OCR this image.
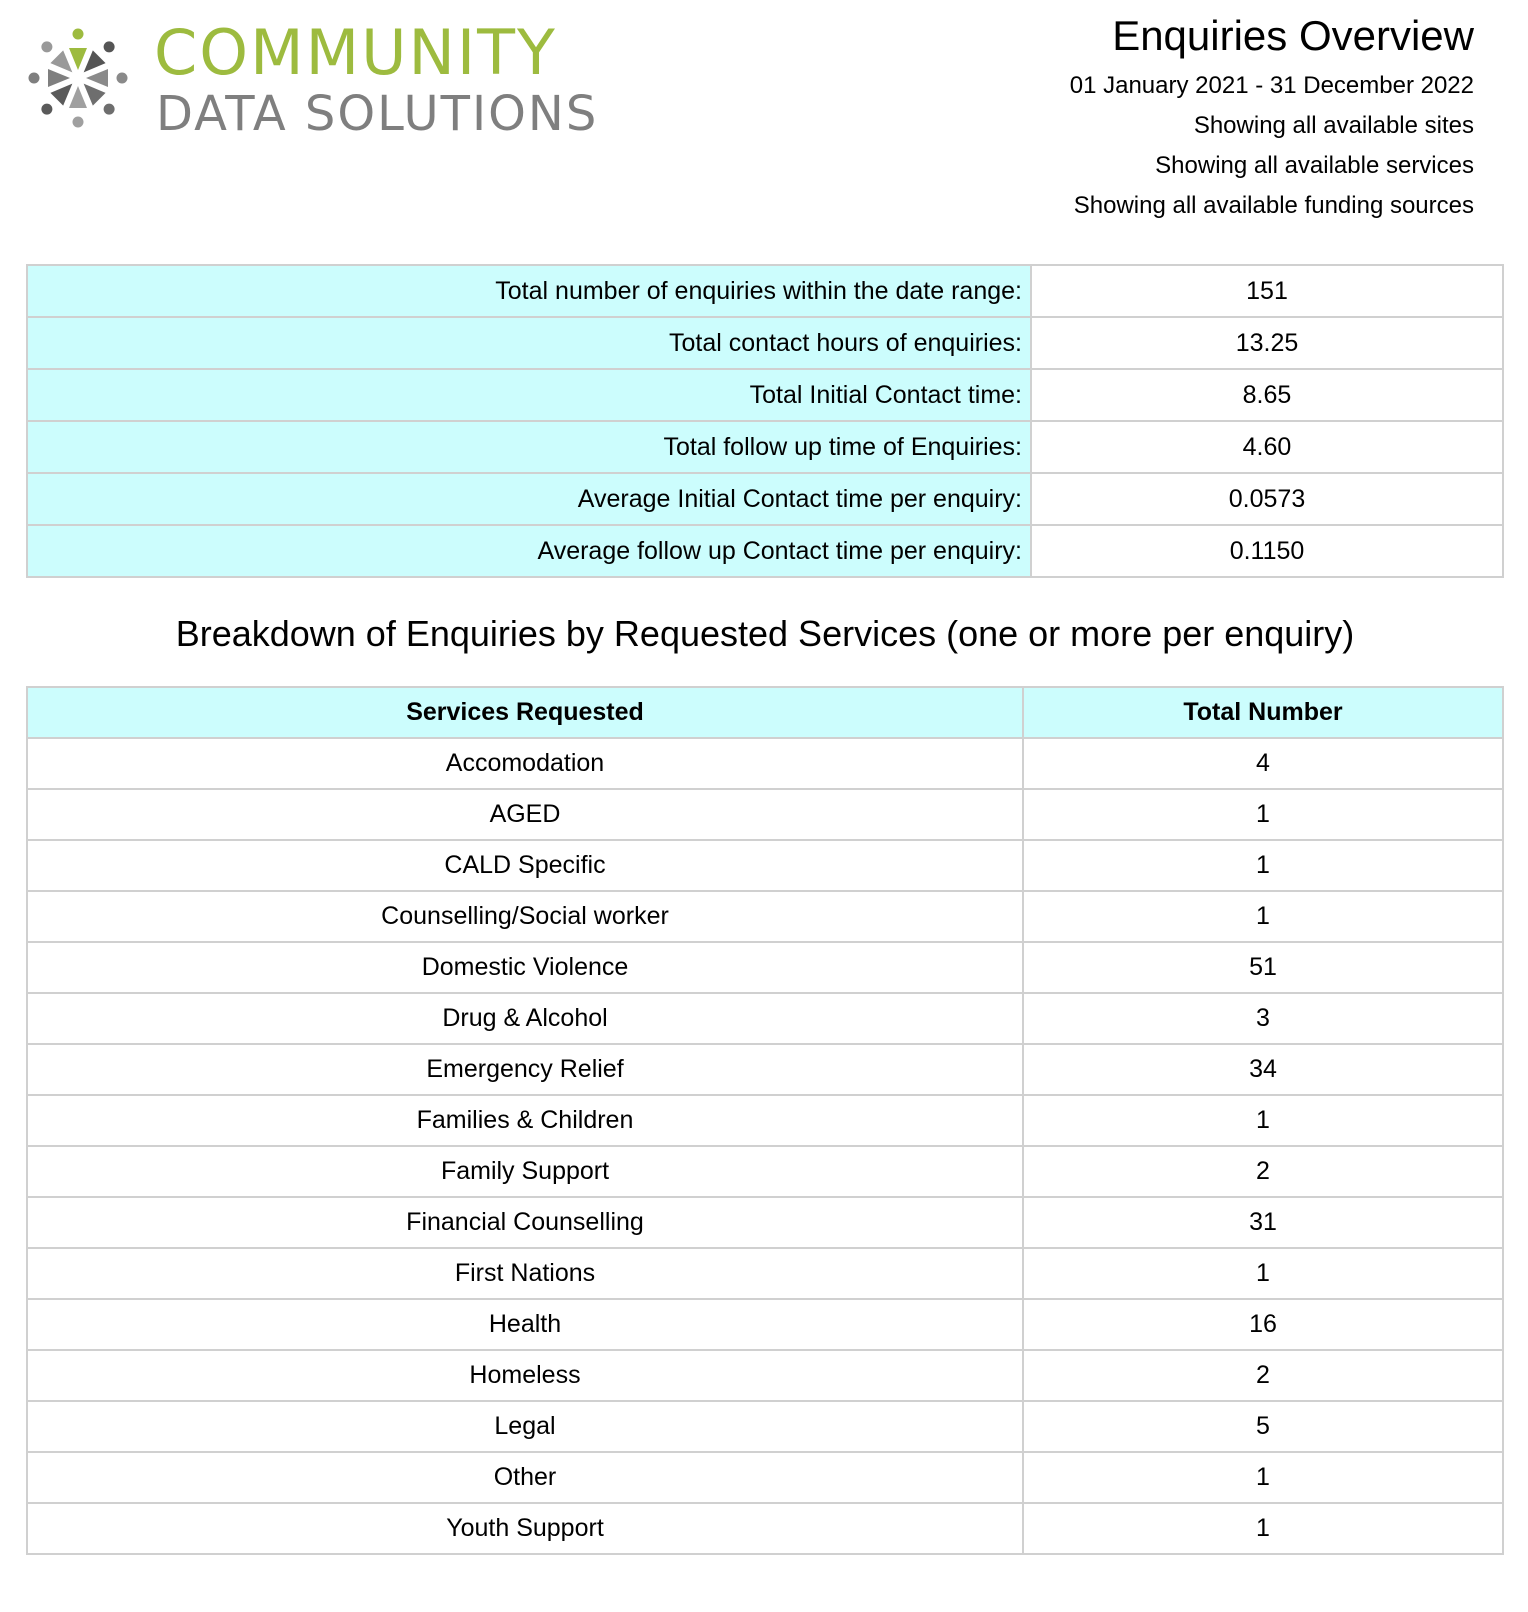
COMMUNITY
DATA SOLUTIONS
Enquiries Overview
01 January 2021 - 31 December 2022
Showing all available sites
Showing all available services
Showing all available funding sources
Total number of enquiries within the date range:	151
Total contact hours of enquiries:	13.25
Total Initial Contact time:	8.65
Total follow up time of Enquiries:	4.60
Average Initial Contact time per enquiry:	0.0573
Average follow up Contact time per enquiry:	0.1150
Breakdown of Enquiries by Requested Services (one or more per enquiry)
Services Requested	Total Number
Accomodation	4
AGED	1
CALD Specific	1
Counselling/Social worker	1
Domestic Violence	51
Drug & Alcohol	3
Emergency Relief	34
Families & Children	1
Family Support	2
Financial Counselling	31
First Nations	1
Health	16
Homeless	2
Legal	5
Other	1
Youth Support	1
